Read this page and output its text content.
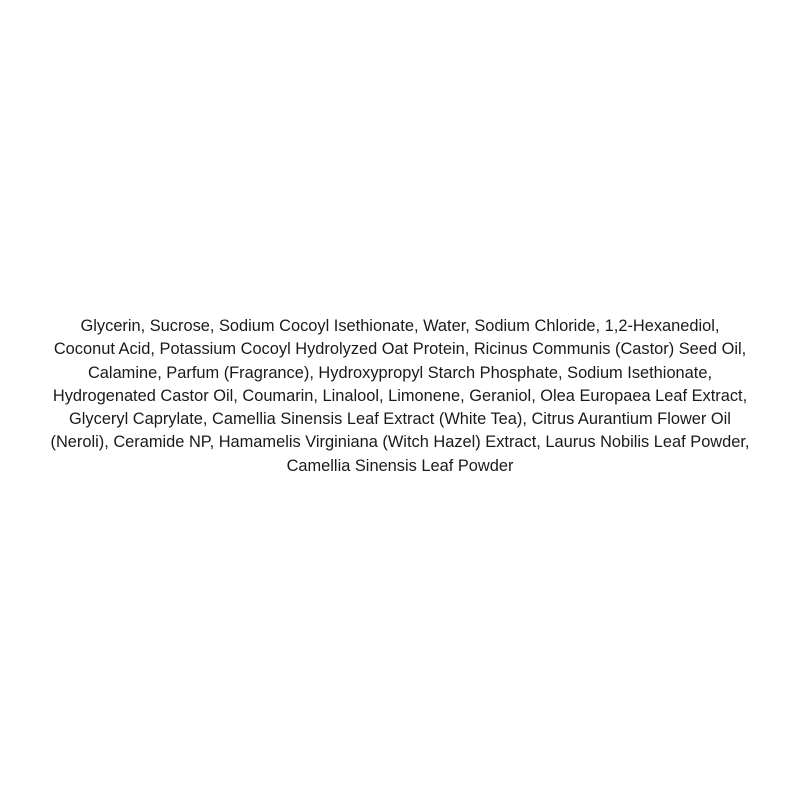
Glycerin, Sucrose, Sodium Cocoyl Isethionate, Water, Sodium Chloride, 1,2-Hexanediol,
Coconut Acid, Potassium Cocoyl Hydrolyzed Oat Protein, Ricinus Communis (Castor) Seed Oil,
Calamine, Parfum (Fragrance), Hydroxypropyl Starch Phosphate, Sodium Isethionate,
Hydrogenated Castor Oil, Coumarin, Linalool, Limonene, Geraniol, Olea Europaea Leaf Extract,
Glyceryl Caprylate, Camellia Sinensis Leaf Extract (White Tea), Citrus Aurantium Flower Oil
(Neroli), Ceramide NP, Hamamelis Virginiana (Witch Hazel) Extract, Laurus Nobilis Leaf Powder,
Camellia Sinensis Leaf Powder
